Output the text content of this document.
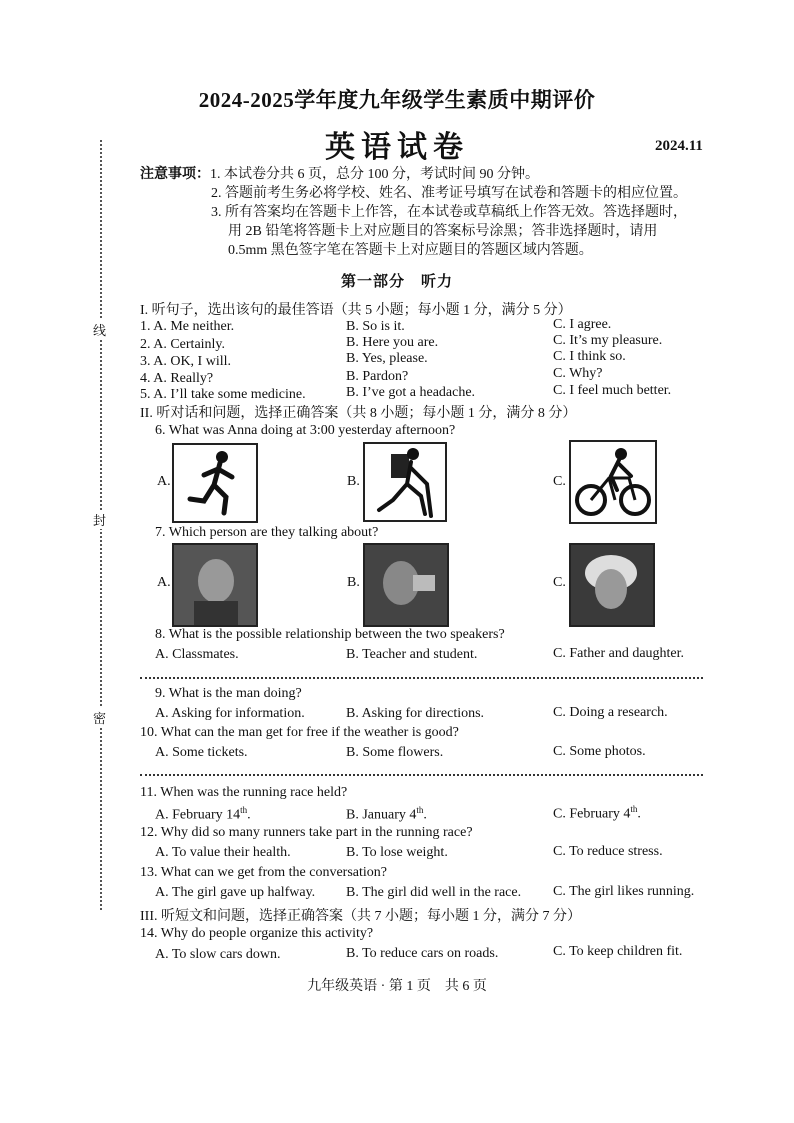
线
封
密
2024-2025学年度九年级学生素质中期评价
英语试卷	2024.11
注意事项： 1. 本试卷分共 6 页，总分 100 分，考试时间 90 分钟。
2. 答题前考生务必将学校、姓名、准考证号填写在试卷和答题卡的相应位置。
3. 所有答案均在答题卡上作答，在本试卷或草稿纸上作答无效。答选择题时，
用 2B 铅笔将答题卡上对应题目的答案标号涂黑；答非选择题时，请用
0.5mm 黑色签字笔在答题卡上对应题目的答题区域内答题。
第一部分　听力
I. 听句子，选出该句的最佳答语（共 5 小题；每小题 1 分，满分 5 分）
1. A. Me neither.	B. So is it.	C. I agree.
2. A. Certainly.	B. Here you are.	C. It’s my pleasure.
3. A. OK, I will.	B. Yes, please.	C. I think so.
4. A. Really?	B. Pardon?	C. Why?
5. A. I’ll take some medicine.	B. I’ve got a headache.	C. I feel much better.
II. 听对话和问题，选择正确答案（共 8 小题；每小题 1 分，满分 8 分）
6. What was Anna doing at 3:00 yesterday afternoon?
A.	B.	C.
7. Which person are they talking about?
A.	B.	C.
8. What is the possible relationship between the two speakers?
A. Classmates.	B. Teacher and student.	C. Father and daughter.
9. What is the man doing?
A. Asking for information.	B. Asking for directions.	C. Doing a research.
10. What can the man get for free if the weather is good?
A. Some tickets.	B. Some flowers.	C. Some photos.
11. When was the running race held?
A. February 14th.	B. January 4th.	C. February 4th.
12. Why did so many runners take part in the running race?
A. To value their health.	B. To lose weight.	C. To reduce stress.
13. What can we get from the conversation?
A. The girl gave up halfway. B. The girl did well in the race. C. The girl likes running.
III. 听短文和问题，选择正确答案（共 7 小题；每小题 1 分，满分 7 分）
14. Why do people organize this activity?
A. To slow cars down.	B. To reduce cars on roads.	C. To keep children fit.
九年级英语 · 第 1 页　共 6 页
